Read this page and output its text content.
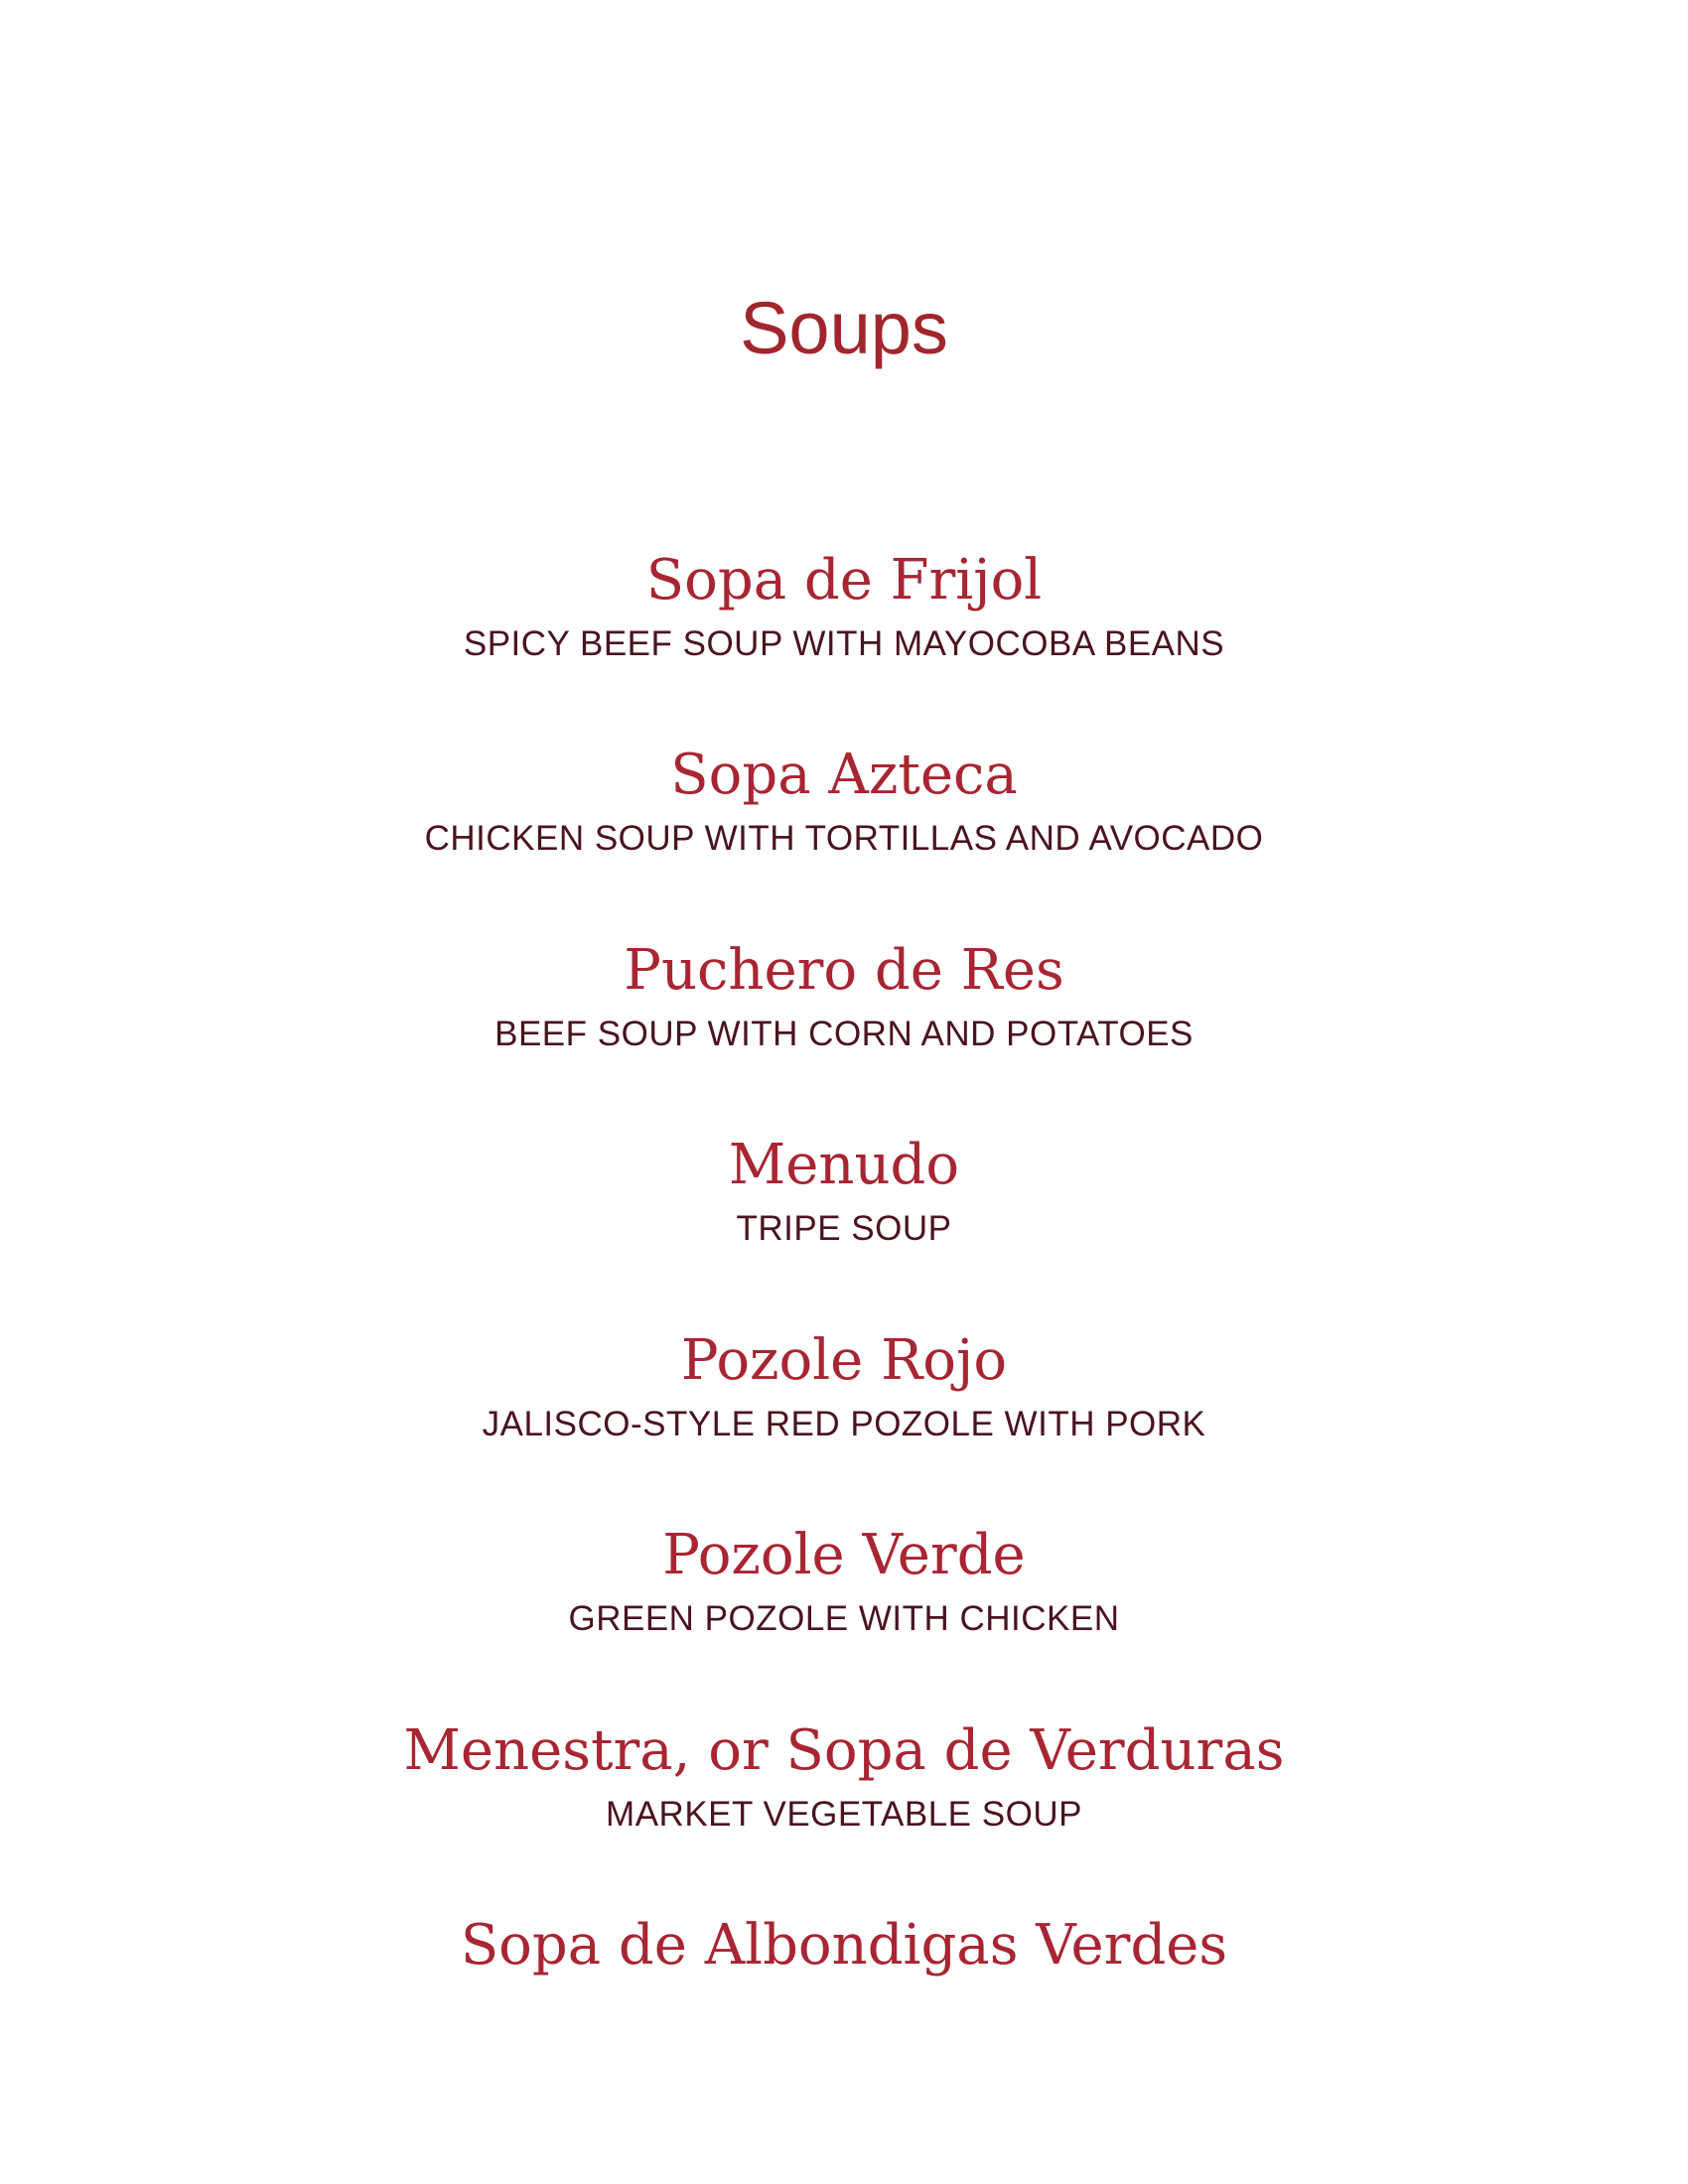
Soups
Sopa de Frijol
SPICY BEEF SOUP WITH MAYOCOBA BEANS
Sopa Azteca
CHICKEN SOUP WITH TORTILLAS AND AVOCADO
Puchero de Res
BEEF SOUP WITH CORN AND POTATOES
Menudo
TRIPE SOUP
Pozole Rojo
JALISCO-STYLE RED POZOLE WITH PORK
Pozole Verde
GREEN POZOLE WITH CHICKEN
Menestra, or Sopa de Verduras
MARKET VEGETABLE SOUP
Sopa de Albondigas Verdes
